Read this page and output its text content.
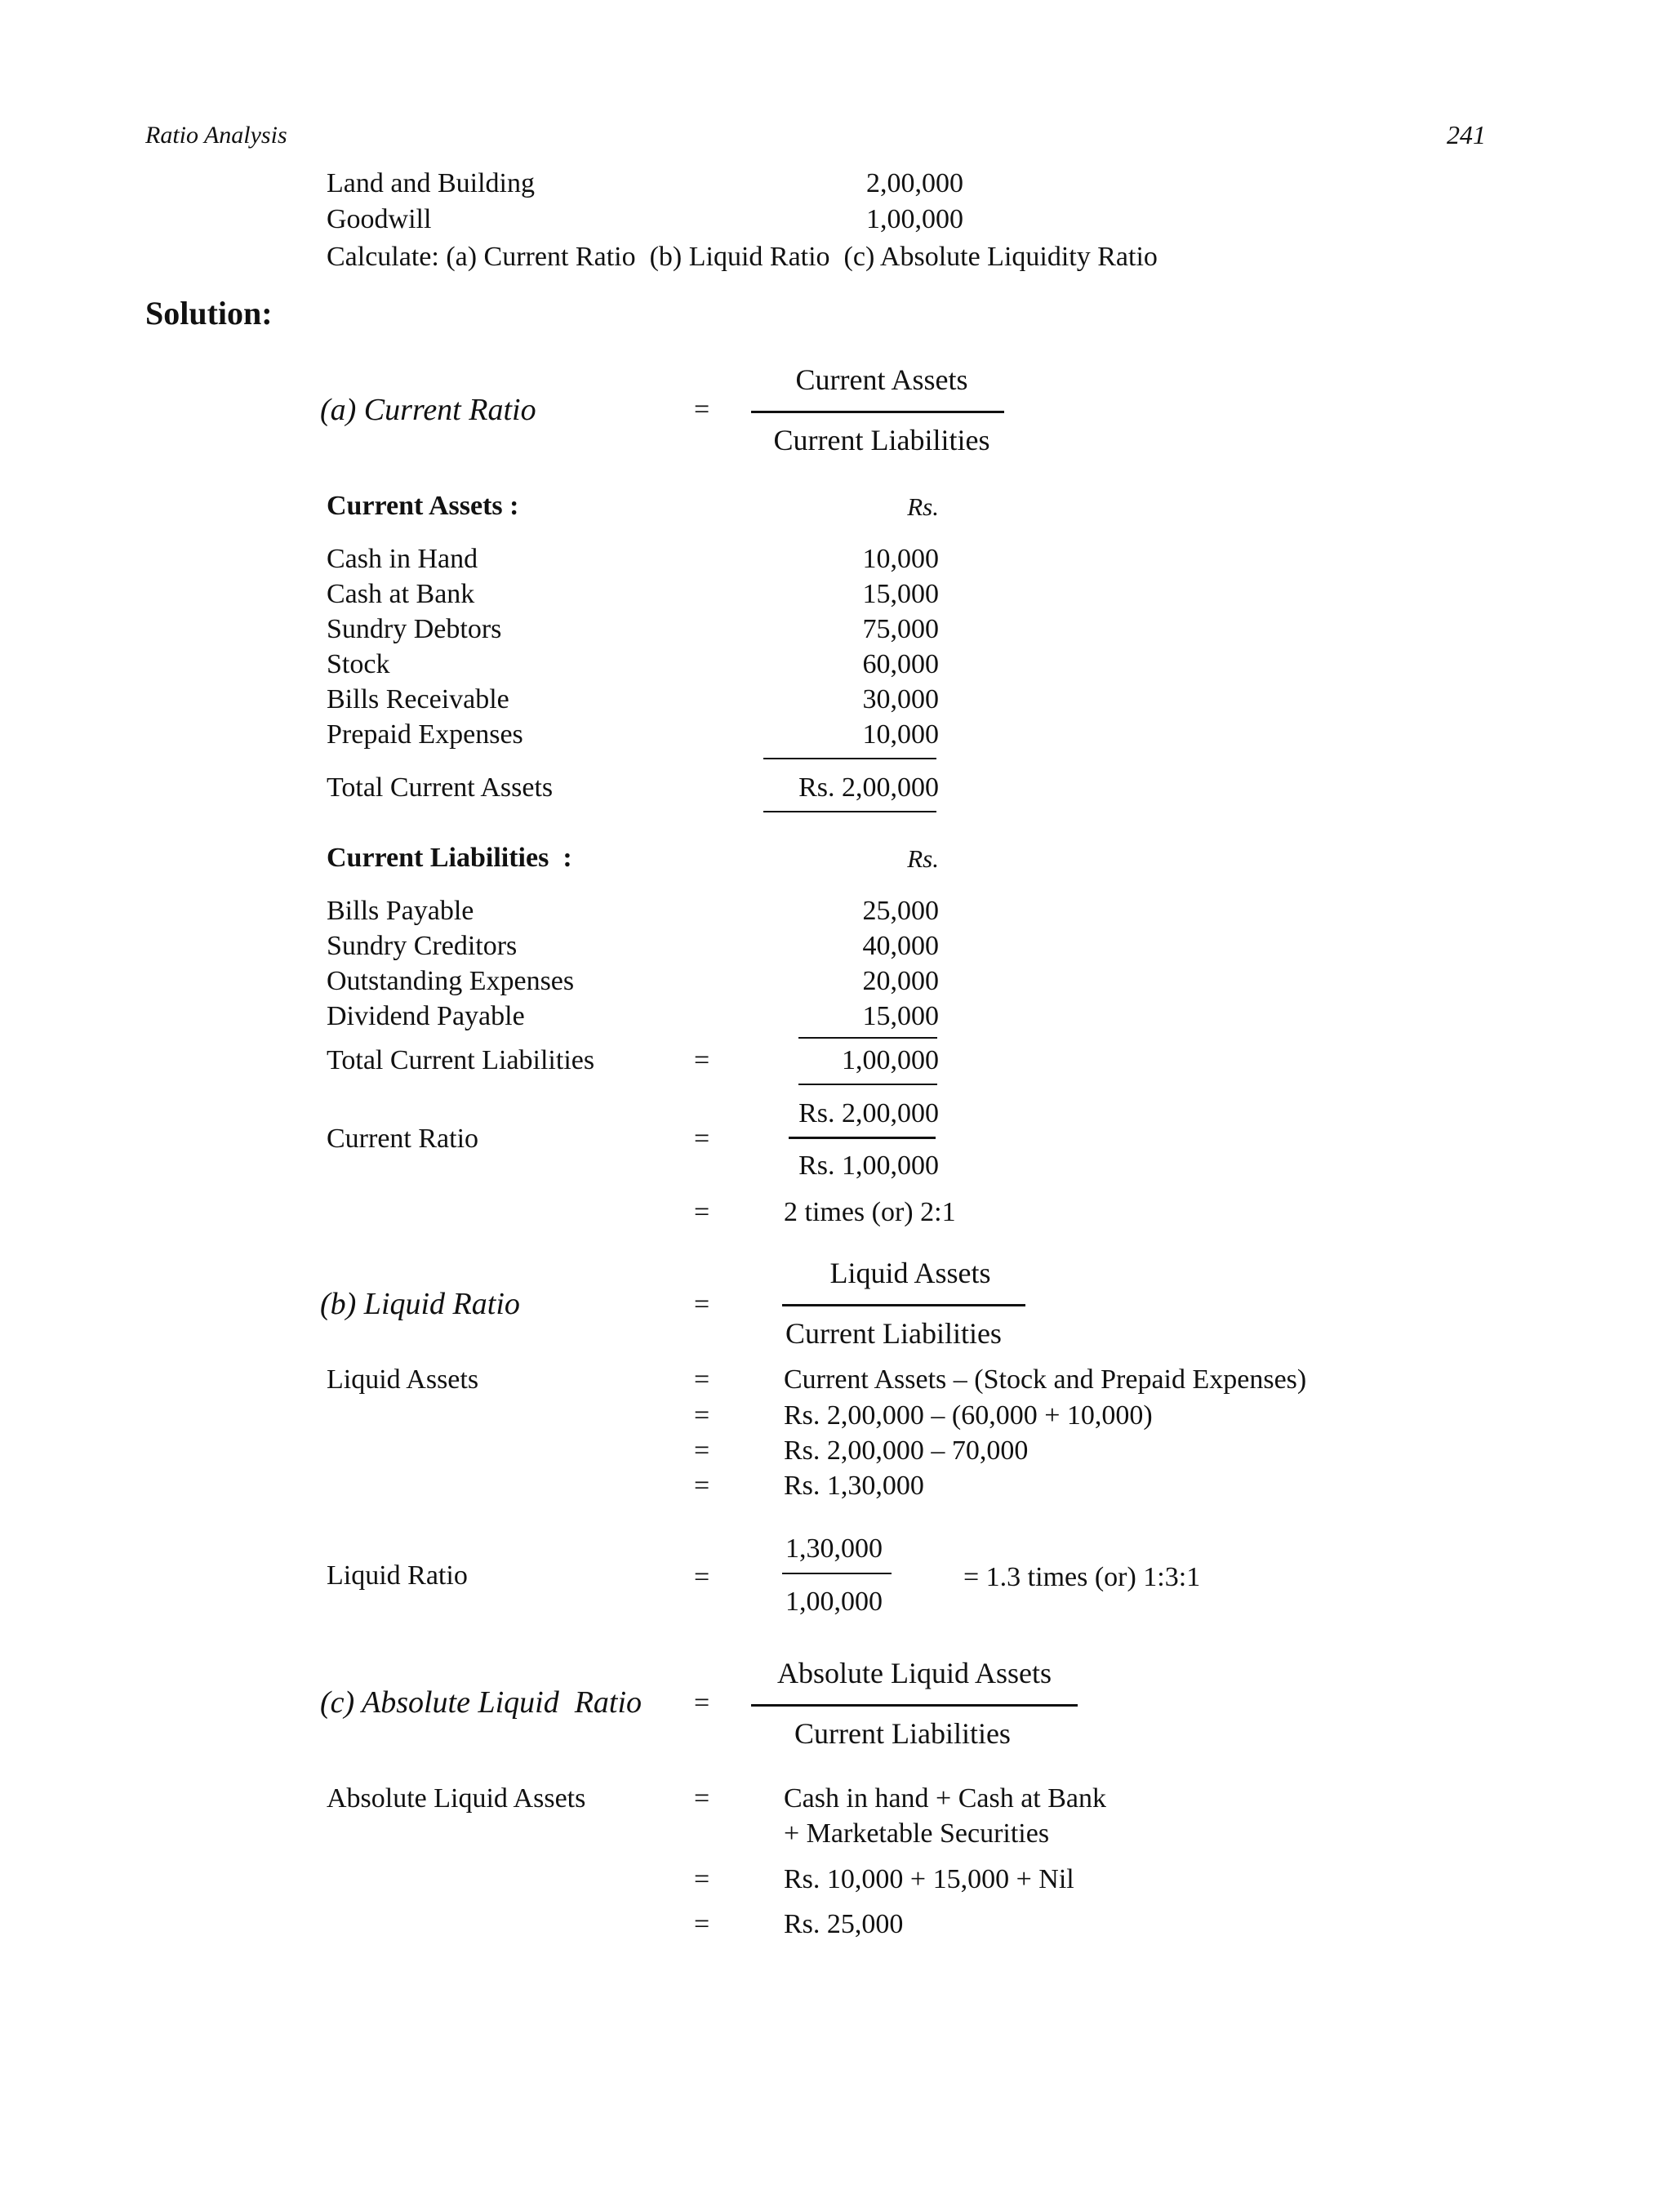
Ratio Analysis	241
Land and Building	2,00,000
Goodwill	1,00,000
Calculate: (a) Current Ratio  (b) Liquid Ratio  (c) Absolute Liquidity Ratio
Solution:
(a) Current Ratio	=
Current Assets
Current Liabilities
Current Assets :	Rs.
Cash in Hand	10,000
Cash at Bank	15,000
Sundry Debtors	75,000
Stock	60,000
Bills Receivable	30,000
Prepaid Expenses	10,000
Total Current Assets	Rs. 2,00,000
Current Liabilities  :	Rs.
Bills Payable	25,000
Sundry Creditors	40,000
Outstanding Expenses	20,000
Dividend Payable	15,000
Total Current Liabilities	=	1,00,000
Rs. 2,00,000
Current Ratio	=
Rs. 1,00,000
=	2 times (or) 2:1
(b) Liquid Ratio	=
Liquid Assets
Current Liabilities
Liquid Assets	=	Current Assets – (Stock and Prepaid Expenses)
=	Rs. 2,00,000 – (60,000 + 10,000)
=	Rs. 2,00,000 – 70,000
=	Rs. 1,30,000
1,30,000
Liquid Ratio	=	= 1.3 times (or) 1:3:1
1,00,000
(c) Absolute Liquid  Ratio =
Absolute Liquid Assets
Current Liabilities
Absolute Liquid Assets	=	Cash in hand + Cash at Bank
+ Marketable Securities
=	Rs. 10,000 + 15,000 + Nil
=	Rs. 25,000
